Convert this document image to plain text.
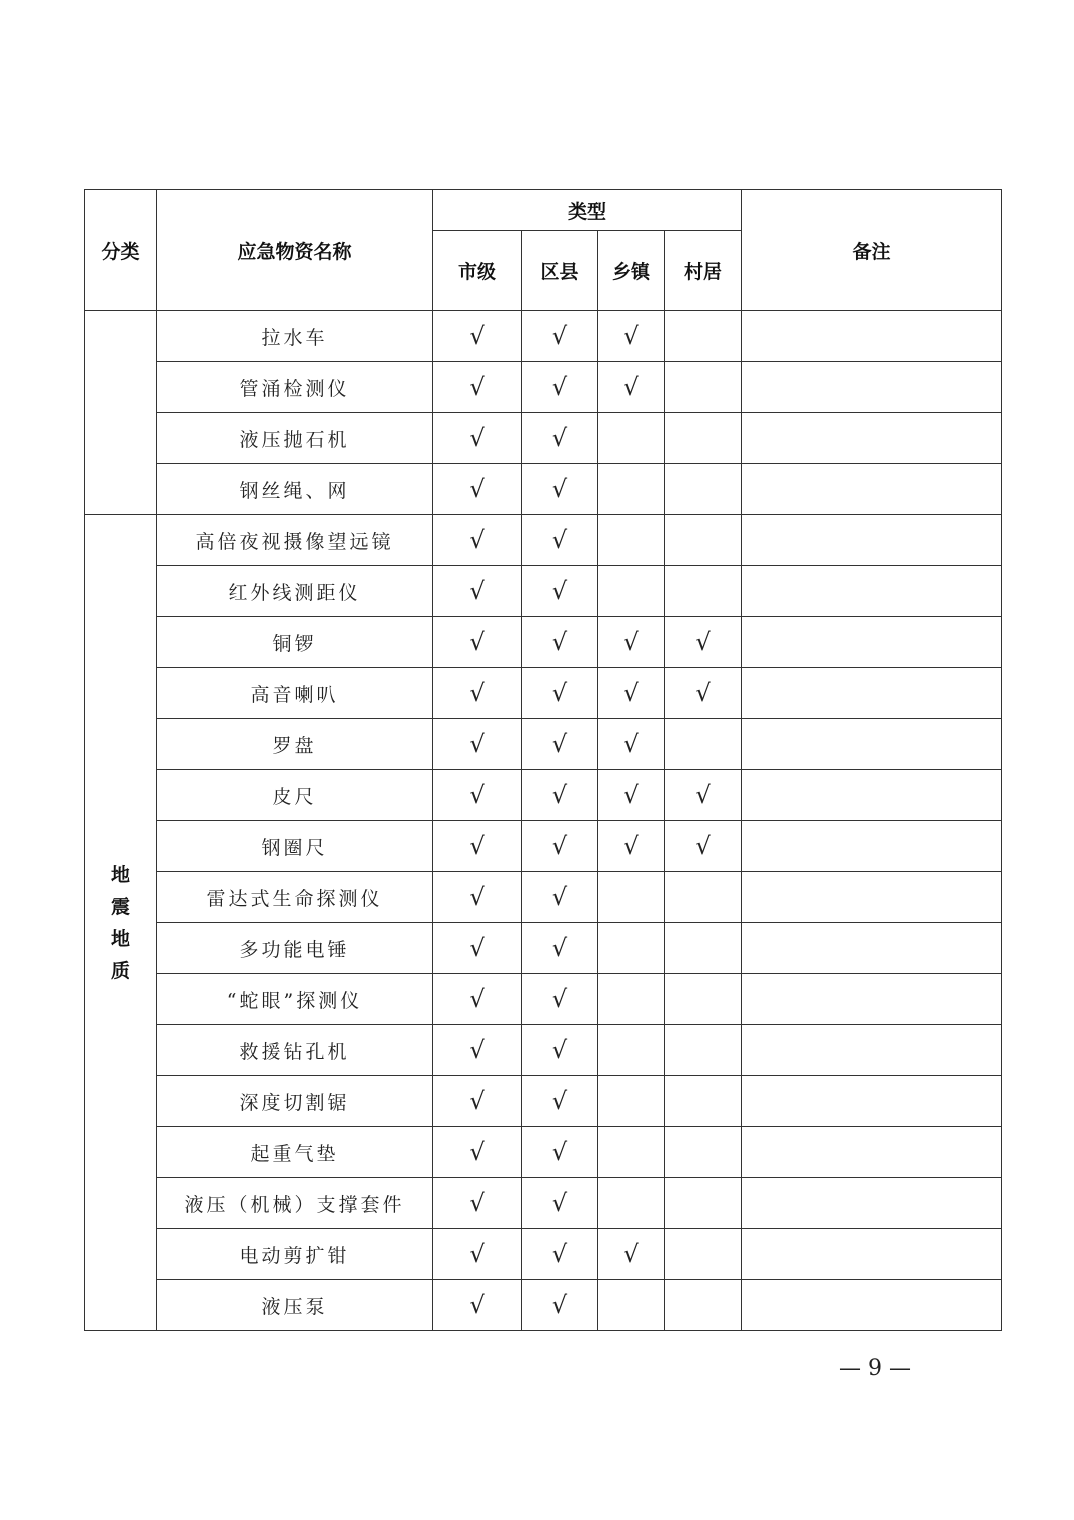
分类	应急物资名称	类型				备注
		市级	区县	乡镇	村居	
	拉水车	√	√	√		
	管涌检测仪	√	√	√		
	液压抛石机	√	√			
	钢丝绳、网	√	√			
地震地质	高倍夜视摄像望远镜	√	√			
	红外线测距仪	√	√			
	铜锣	√	√	√	√	
	高音喇叭	√	√	√	√	
	罗盘	√	√	√		
	皮尺	√	√	√	√	
	钢圈尺	√	√	√	√	
	雷达式生命探测仪	√	√			
	多功能电锤	√	√			
	“蛇眼”探测仪	√	√			
	救援钻孔机	√	√			
	深度切割锯	√	√			
	起重气垫	√	√			
	液压（机械）支撑套件	√	√			
	电动剪扩钳	√	√	√		
	液压泵	√	√			
— 9 —
